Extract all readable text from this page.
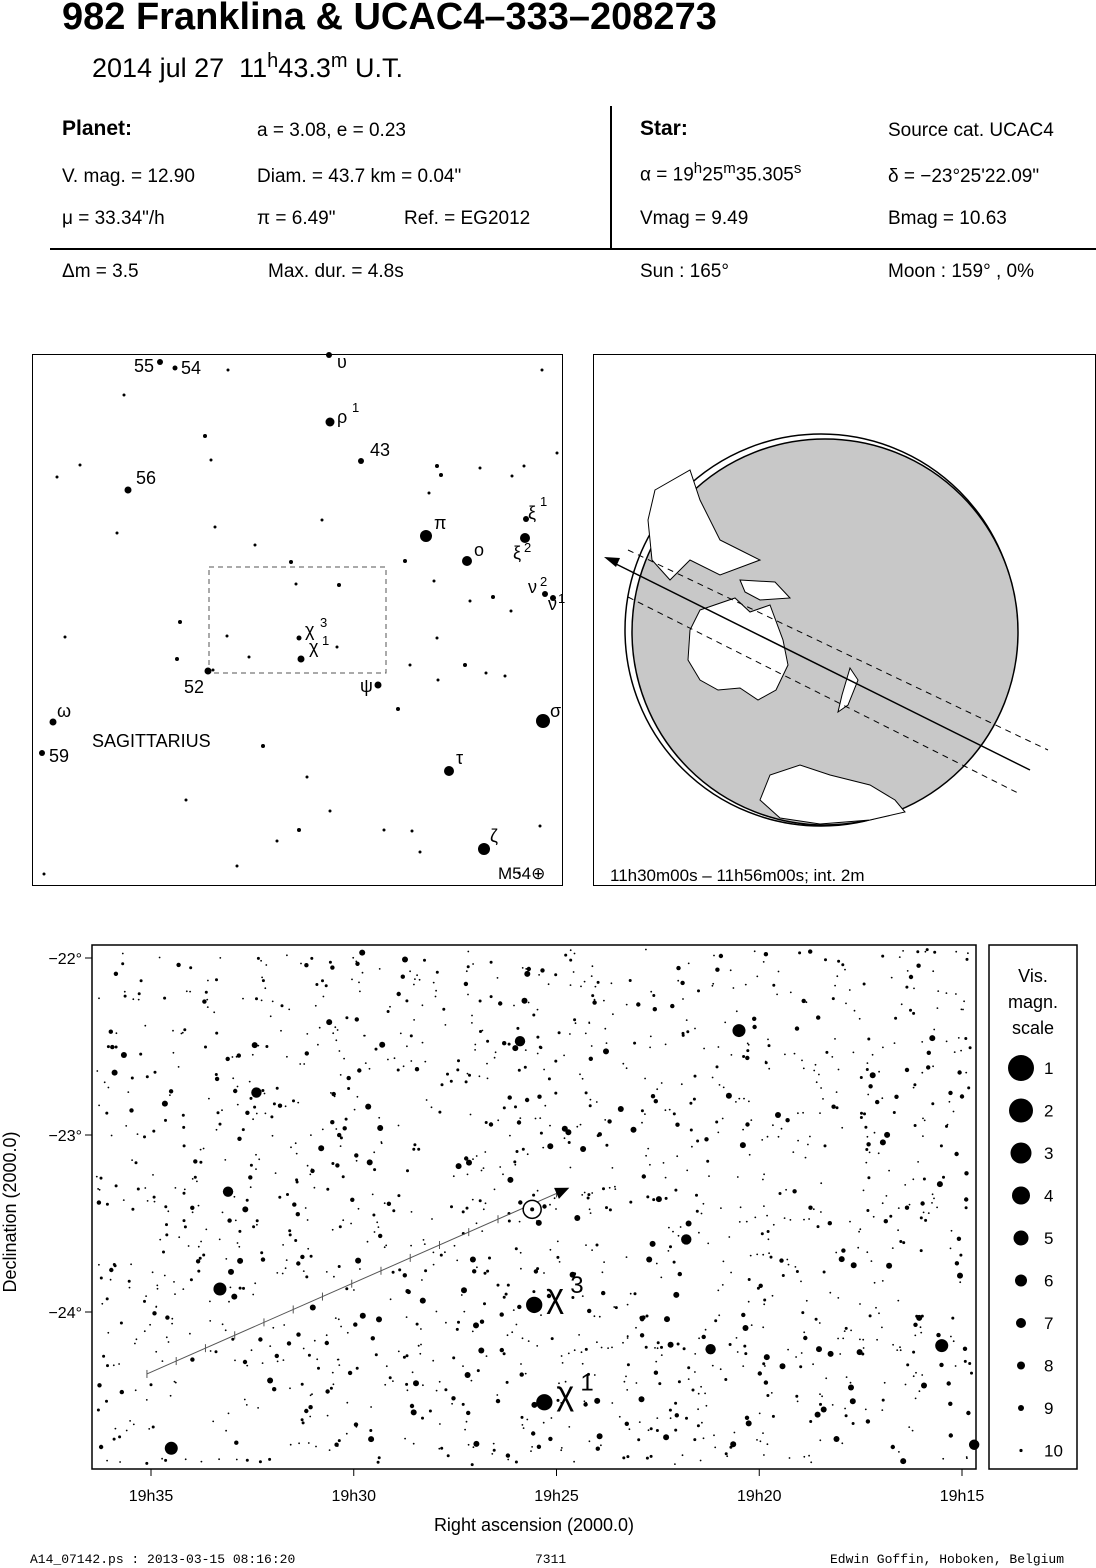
982 Franklina & UCAC4–333–208273
2014 jul 27 11$^h$43.3$^m$ U.T.
Planet:	a = 3.08, e = 0.23
V. mag. = 12.90	Diam. = 43.7 km = 0.04"
μ = 33.34"/h	π = 6.49"	Ref. = EG2012
Δm = 3.5	Max. dur. = 4.8s
Star:	Source cat. UCAC4
$\alpha = 19^h25^m35.305^s$	δ = −23°25'22.09"
Vmag = 9.49	Bmag = 10.63
Sun : 165°	Moon : 159° , 0%
55 54	υ
ρ 1
43
56
π	ξ
1
ο ξ 2
ν 2
ν 1
χ 3
χ 1
52	ψ
ω	σ
59	τ
ζ
SAGITTARIUS
M54⊕	11h30m00s – 11h56m00s; int. 2m
χ 3
χ 1
19h35	19h30	19h25	19h20	19h15
−22°
−23°
−24°
Right ascension (2000.0)
Declination (2000.0)
Vis.
magn.
scale
1
2
3
4
5
6
7
8
9
10
A14_07142.ps : 2013-03-15 08:16:20	7311	Edwin Goffin, Hoboken, Belgium
